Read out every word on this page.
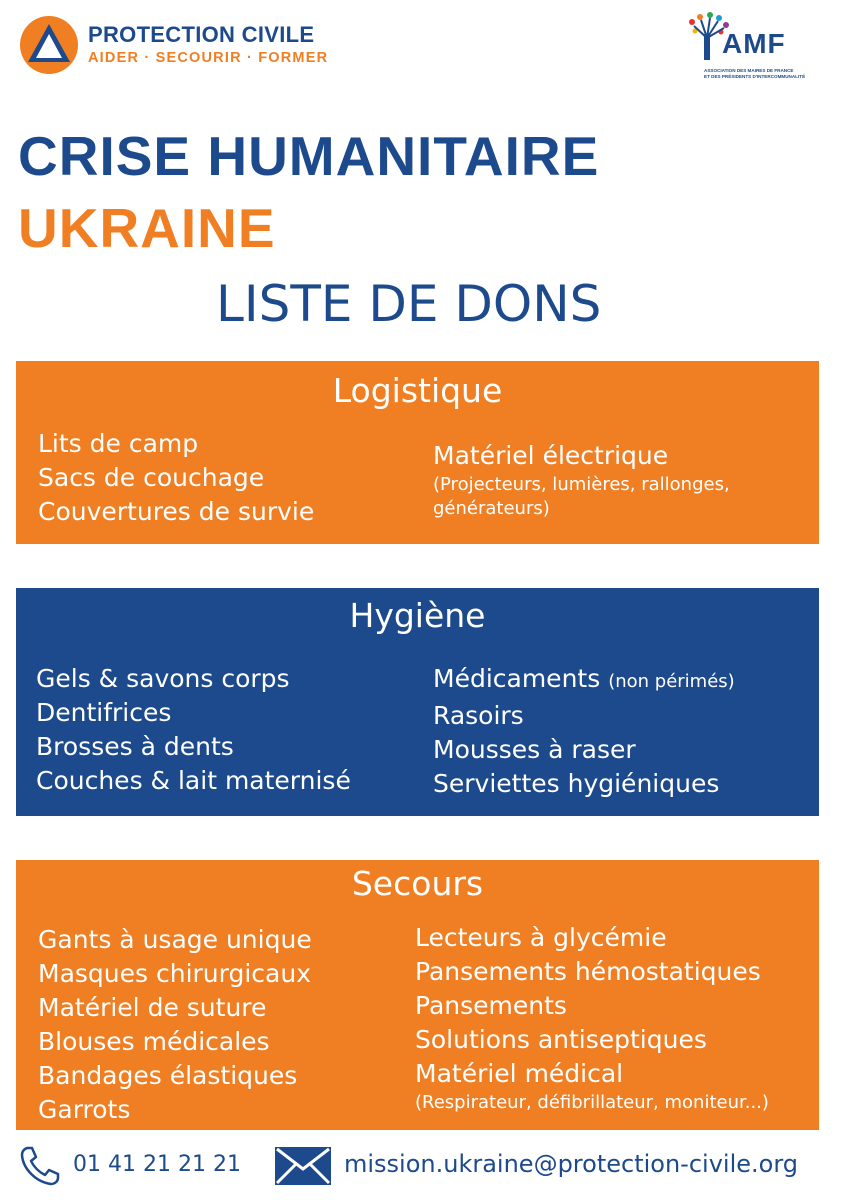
PROTECTION CIVILE
AIDER · SECOURIR · FORMER	AMF
ASSOCIATION DES MAIRES DE FRANCE
ET DES PRÉSIDENTS D'INTERCOMMUNALITÉ
CRISE HUMANITAIRE
UKRAINE
LISTE DE DONS
Logistique
Lits de camp
Sacs de couchage
Couvertures de survie
Matériel électrique
(Projecteurs, lumières, rallonges,
générateurs)
Hygiène
Gels & savons corps
Dentifrices
Brosses à dents
Couches & lait maternisé
Médicaments (non périmés)
Rasoirs
Mousses à raser
Serviettes hygiéniques
Secours
Gants à usage unique
Masques chirurgicaux
Matériel de suture
Blouses médicales
Bandages élastiques
Garrots
Lecteurs à glycémie
Pansements hémostatiques
Pansements
Solutions antiseptiques
Matériel médical
(Respirateur, défibrillateur, moniteur...)
01 41 21 21 21	mission.ukraine@protection-civile.org
